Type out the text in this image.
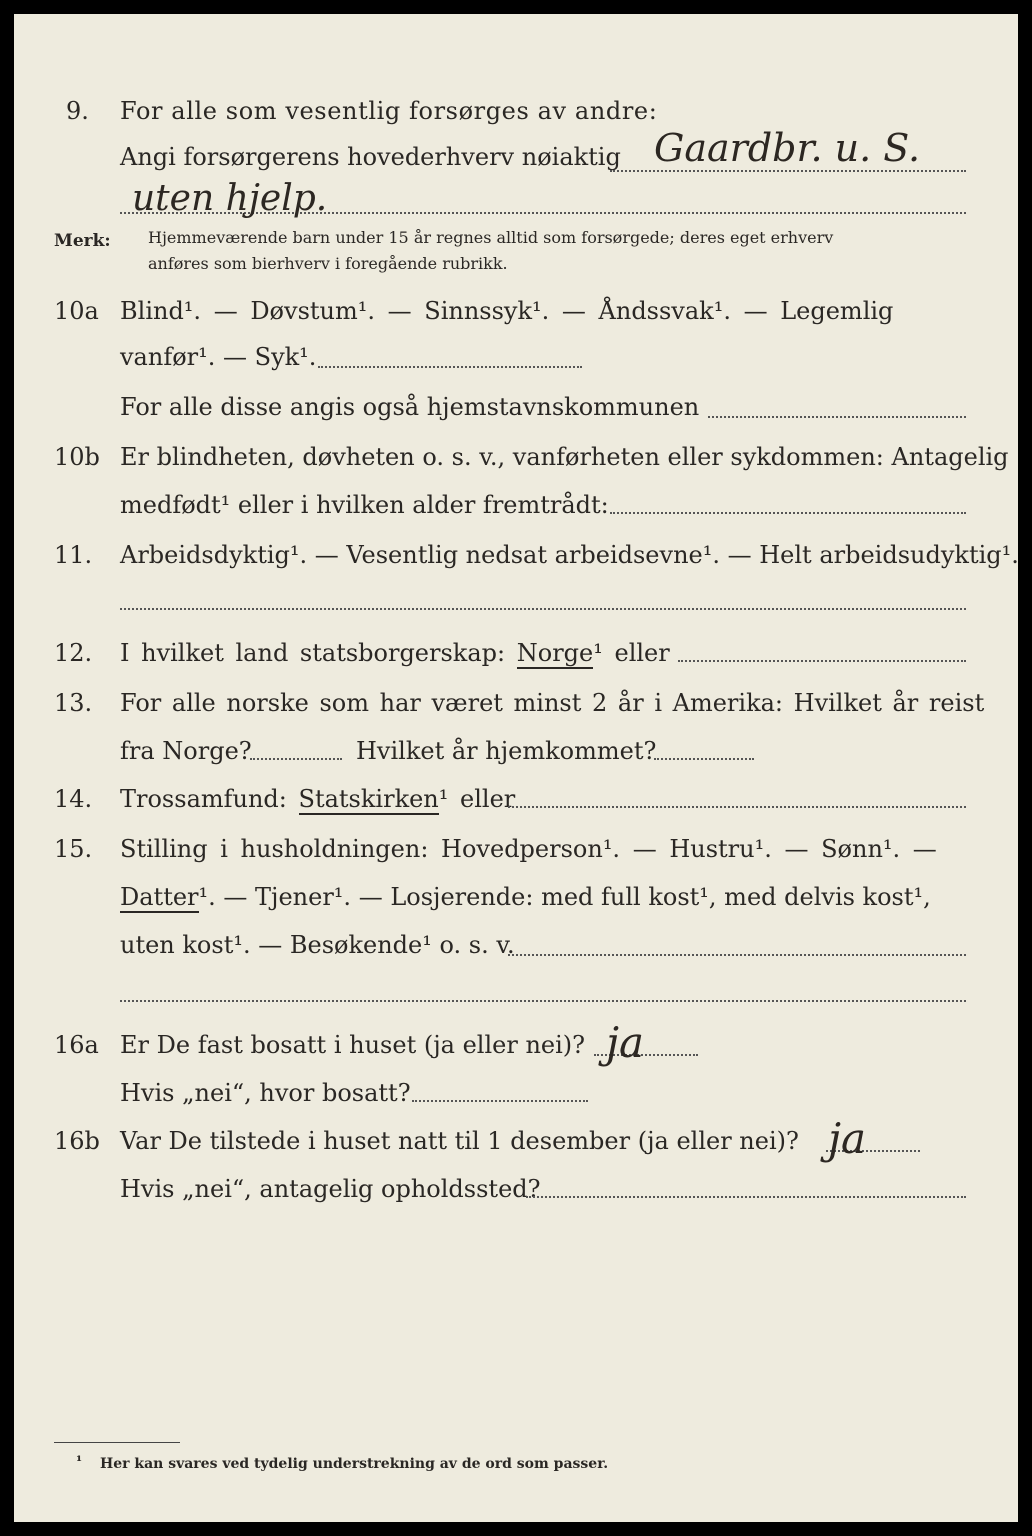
9. For alle som vesentlig forsørges av andre:
Angi forsørgerens hovederhverv nøiaktig Gaardbr. u. S.
uten hjelp.
Merk: Hjemmeværende barn under 15 år regnes alltid som forsørgede; deres eget erhverv
anføres som bierhverv i foregående rubrikk.
10a Blind¹. — Døvstum¹. — Sinnssyk¹. — Åndssvak¹. — Legemlig
vanfør¹. — Syk¹.
For alle disse angis også hjemstavnskommunen
10b Er blindheten, døvheten o. s. v., vanførheten eller sykdommen: Antagelig
medfødt¹ eller i hvilken alder fremtrådt:
11. Arbeidsdyktig¹. — Vesentlig nedsat arbeidsevne¹. — Helt arbeidsudyktig¹.
12. I hvilket land statsborgerskap: Norge¹ eller
13. For alle norske som har været minst 2 år i Amerika: Hvilket år reist
fra Norge?	Hvilket år hjemkommet?
14. Trossamfund: Statskirken¹ eller
15. Stilling i husholdningen: Hovedperson¹. — Hustru¹. — Sønn¹. —
Datter¹. — Tjener¹. — Losjerende: med full kost¹, med delvis kost¹,
uten kost¹. — Besøkende¹ o. s. v.
16a Er De fast bosatt i huset (ja eller nei)? ja
Hvis „nei“, hvor bosatt?
16b Var De tilstede i huset natt til 1 desember (ja eller nei)? ja
Hvis „nei“, antagelig opholdssted?
¹ Her kan svares ved tydelig understrekning av de ord som passer.
